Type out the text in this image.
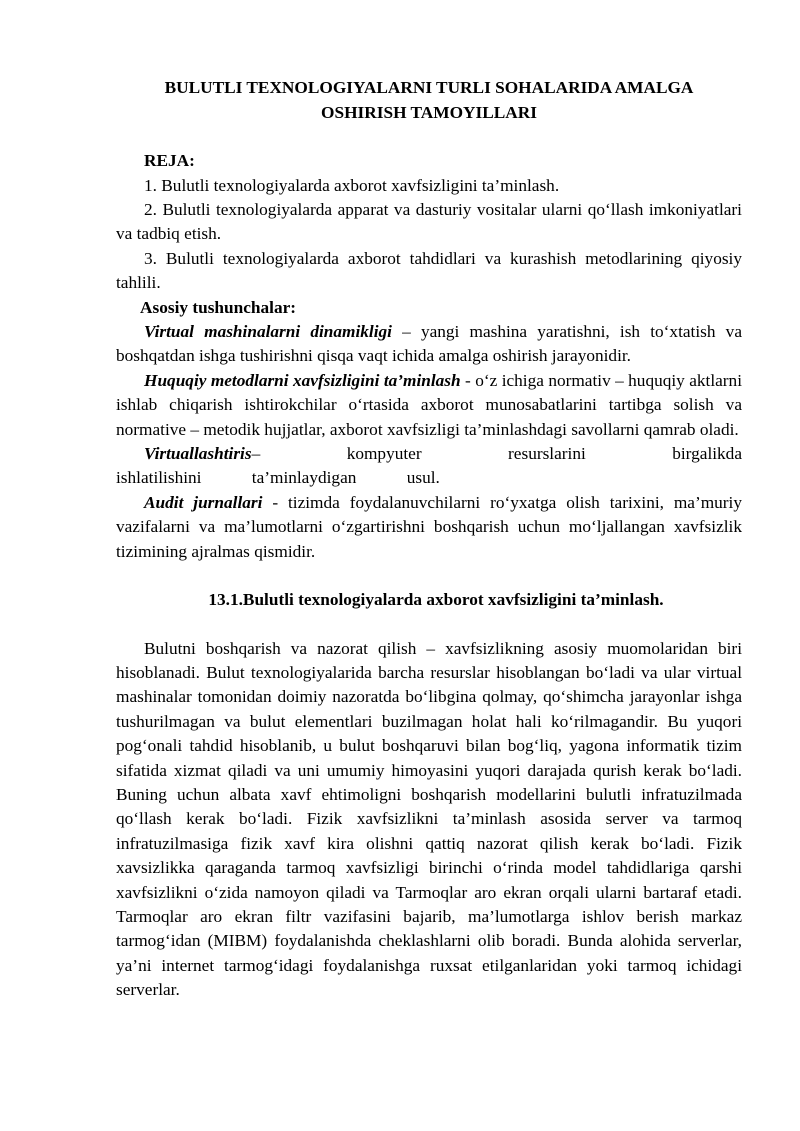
BULUTLI TEXNOLOGIYALARNI TURLI SOHALARIDA AMALGA

OSHIRISH TAMOYILLARI

REJA:

1. Bulutli texnologiyalarda axborot xavfsizligini ta’minlash.

2. Bulutli texnologiyalarda apparat va dasturiy vositalar ularni qo‘llash imkoniyatlari va tadbiq etish.

3. Bulutli texnologiyalarda axborot tahdidlari va kurashish metodlarining qiyosiy tahlili.

Asosiy tushunchalar:

Virtual mashinalarni dinamikligi – yangi mashina yaratishni, ish to‘xtatish va boshqatdan ishga tushirishni qisqa vaqt ichida amalga oshirish jarayonidir.

Huquqiy metodlarni xavfsizligini ta’minlash - o‘z ichiga normativ – huquqiy aktlarni ishlab chiqarish ishtirokchilar o‘rtasida axborot munosabatlarini tartibga solish va normative – metodik hujjatlar, axborot xavfsizligi ta’minlashdagi savollarni qamrab oladi.

Virtuallashtiris– kompyuter resurslarini birgalikda ishlatilishini ta’minlaydigan usul.

Audit jurnallari - tizimda foydalanuvchilarni ro‘yxatga olish tarixini, ma’muriy vazifalarni va ma’lumotlarni o‘zgartirishni boshqarish uchun mo‘ljallangan xavfsizlik tizimining ajralmas qismidir.

13.1.Bulutli texnologiyalarda axborot xavfsizligini ta’minlash.

Bulutni boshqarish va nazorat qilish – xavfsizlikning asosiy muomolaridan biri hisoblanadi. Bulut texnologiyalarida barcha resurslar hisoblangan bo‘ladi va ular virtual mashinalar tomonidan doimiy nazoratda bo‘libgina qolmay, qo‘shimcha jarayonlar ishga tushurilmagan va bulut elementlari buzilmagan holat hali ko‘rilmagandir. Bu yuqori pog‘onali tahdid hisoblanib, u bulut boshqaruvi bilan bog‘liq, yagona informatik tizim sifatida xizmat qiladi va uni umumiy himoyasini yuqori darajada qurish kerak bo‘ladi. Buning uchun albata xavf ehtimoligni boshqarish modellarini bulutli infratuzilmada qo‘llash kerak bo‘ladi. Fizik xavfsizlikni ta’minlash asosida server va tarmoq infratuzilmasiga fizik xavf kira olishni qattiq nazorat qilish kerak bo‘ladi. Fizik xavsizlikka qaraganda tarmoq xavfsizligi birinchi o‘rinda model tahdidlariga qarshi xavfsizlikni o‘zida namoyon qiladi va Tarmoqlar aro ekran orqali ularni bartaraf etadi. Tarmoqlar aro ekran filtr vazifasini bajarib, ma’lumotlarga ishlov berish markaz tarmog‘idan (MIBM) foydalanishda cheklashlarni olib boradi. Bunda alohida serverlar, ya’ni internet tarmog‘idagi foydalanishga ruxsat etilganlaridan yoki tarmoq ichidagi serverlar.
